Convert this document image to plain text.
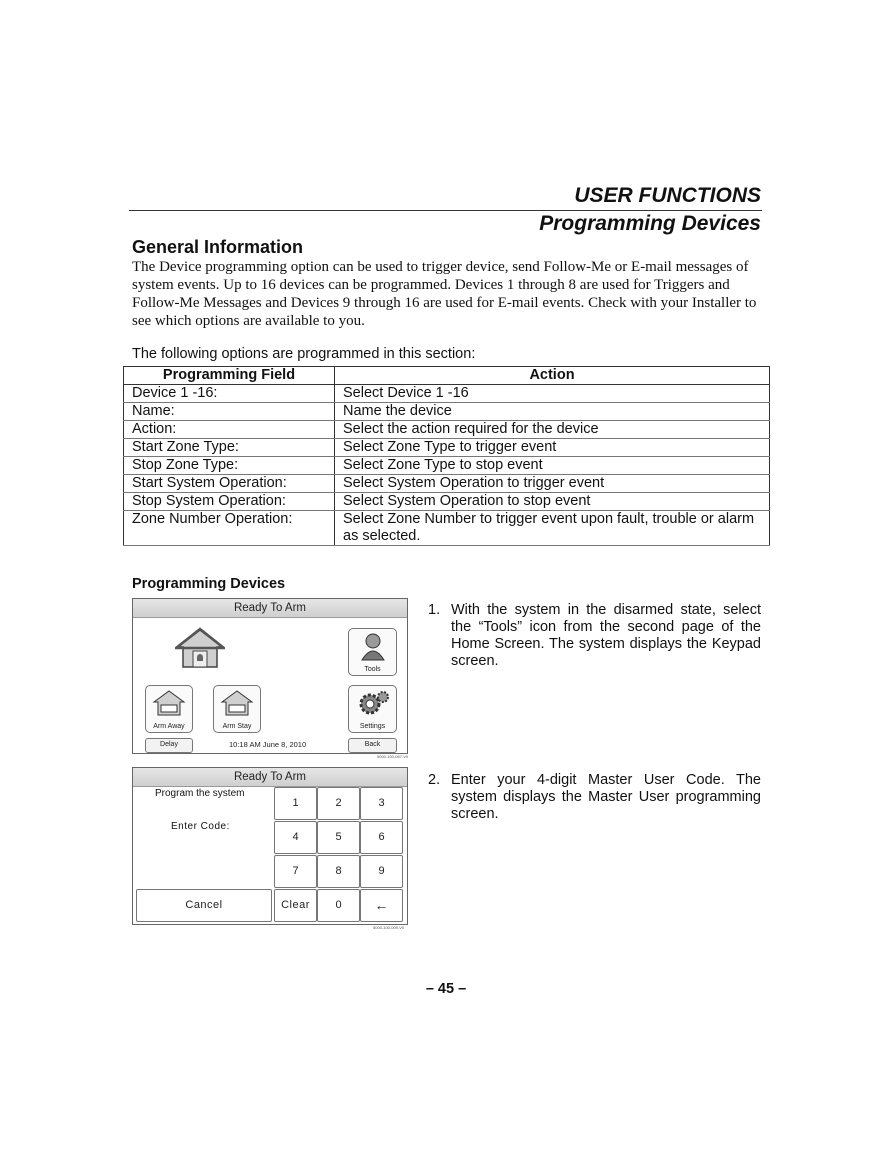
USER FUNCTIONS
Programming Devices
General Information

The Device programming option can be used to trigger device, send Follow-Me or E-mail messages of system events. Up to 16 devices can be programmed. Devices 1 through 8 are used for Triggers and Follow-Me Messages and Devices 9 through 16 are used for E-mail events. Check with your Installer to see which options are available to you.

The following options are programmed in this section:
Programming Field	Action
Device 1 -16:	Select Device 1 -16
Name:	Name the device
Action:	Select the action required for the device
Start Zone Type:	Select Zone Type to trigger event
Stop Zone Type:	Select Zone Type to stop event
Start System Operation:	Select System Operation to trigger event
Stop System Operation:	Select System Operation to stop event
Zone Number Operation:	Select Zone Number to trigger event upon fault, trouble or alarm as selected.
Programming Devices
Ready To Arm
Tools
Arm Away	Arm Stay	Settings
Delay	10:18 AM June 8, 2010	Back
5000-100-067-V0
Ready To Arm
Program the system
Enter Code:
1	2	3
4	5	6
7	8	9
Cancel	Clear	0	←
5000-100-009-V0
1. With the system in the disarmed state, select the “Tools” icon from the second page of the Home Screen. The system displays the Keypad screen.

2. Enter your 4-digit Master User Code. The system displays the Master User programming screen.

– 45 –
